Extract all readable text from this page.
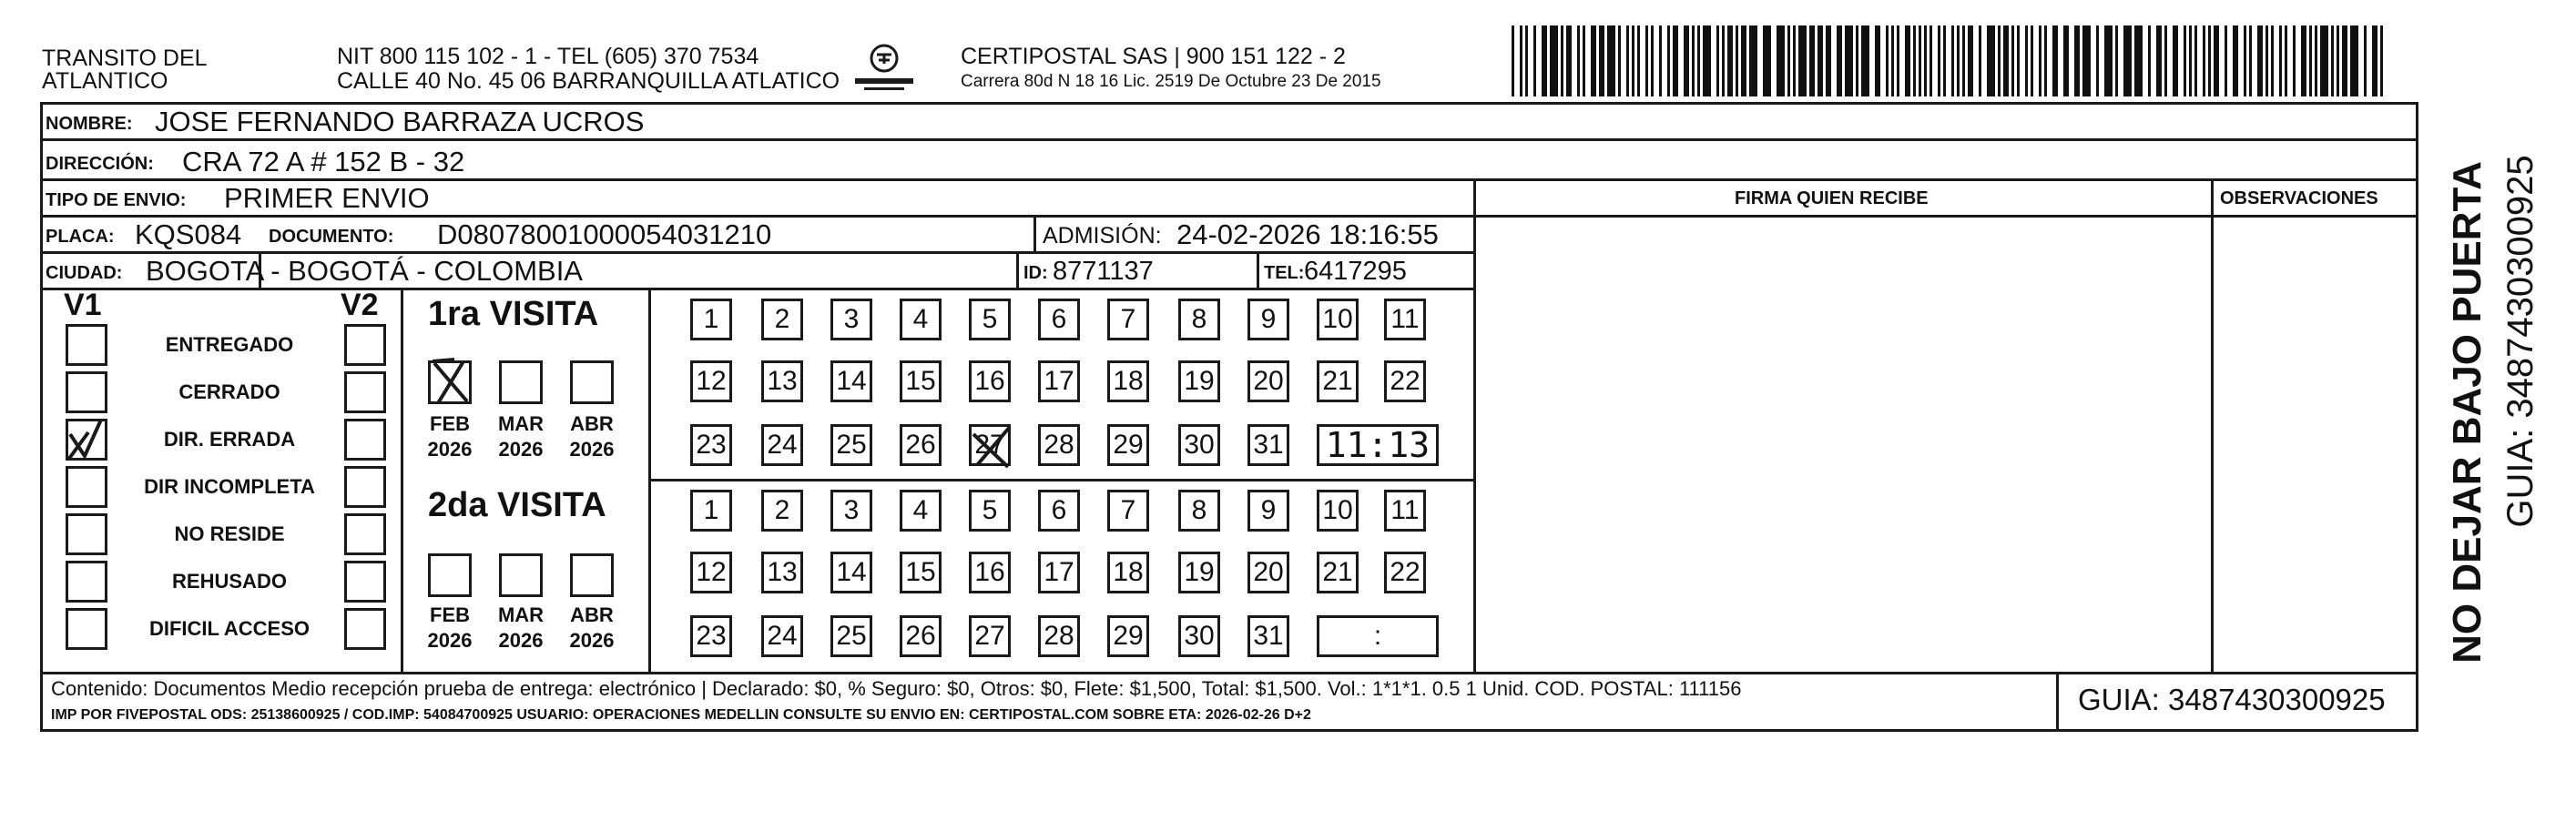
TRANSITO DEL
ATLANTICO
NIT 800 115 102 - 1 - TEL (605) 370 7534
CALLE 40 No. 45 06 BARRANQUILLA ATLATICO
CERTIPOSTAL SAS | 900 151 122 - 2
Carrera 80d N 18 16 Lic. 2519 De Octubre 23 De 2015
NOMBRE: JOSE FERNANDO BARRAZA UCROS
DIRECCIÓN: CRA 72 A # 152 B - 32
TIPO DE ENVIO: PRIMER ENVIO	FIRMA QUIEN RECIBE	OBSERVACIONES
PLACA: KQS084 DOCUMENTO: D08078001000054031210	ADMISIÓN: 24-02-2026 18:16:55
CIUDAD: BOGOTA - BOGOTÁ - COLOMBIA	ID: 8771137	TEL: 6417295
V1	V2
ENTREGADO
CERRADO
DIR. ERRADA
DIR INCOMPLETA
NO RESIDE
REHUSADO
DIFICIL ACCESO
1ra VISITA
FEB
2026
MAR
2026
ABR
2026
2da VISITA
FEB
2026
MAR
2026
ABR
2026
1	2	3	4	5	6	7	8	9	10 11
12 13 14 15 16 17 18 19 20 21 22
23 24 25 26 27 28 29 30 31 11:13
1	2	3	4	5	6	7	8	9	10 11
12 13 14 15 16 17 18 19 20 21 22
23 24 25 26 27 28 29 30 31	:
Contenido: Documentos Medio recepción prueba de entrega: electrónico | Declarado: $0, % Seguro: $0, Otros: $0, Flete: $1,500, Total: $1,500. Vol.: 1*1*1. 0.5 1 Unid. COD. POSTAL: 111156
IMP POR FIVEPOSTAL ODS: 25138600925 / COD.IMP: 54084700925 USUARIO: OPERACIONES MEDELLIN CONSULTE SU ENVIO EN: CERTIPOSTAL.COM SOBRE ETA: 2026-02-26 D+2	GUIA: 3487430300925
NO DEJAR BAJO PUERTA GUIA: 3487430300925
